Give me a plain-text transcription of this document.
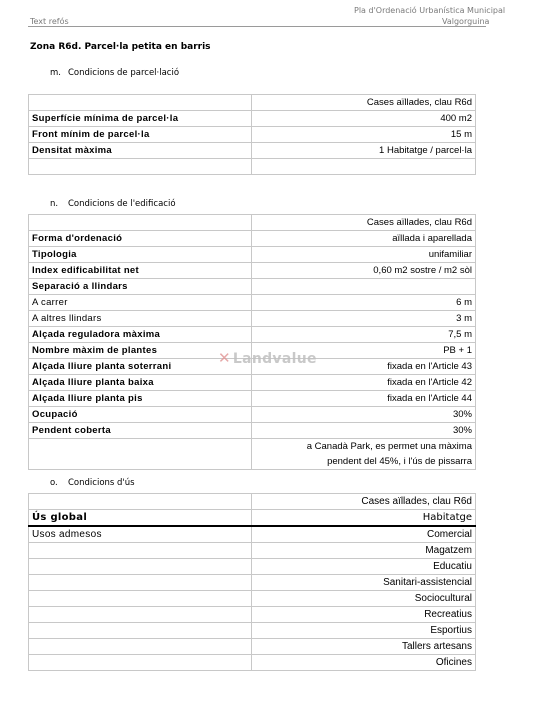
Pla d'Ordenació Urbanística Municipal
Text refós	Valgorguina
Zona R6d. Parcel·la petita en barris
m. Condicions de parcel·lació
	Cases aïllades, clau R6d
Superfície mínima de parcel·la	400 m2
Front mínim de parcel·la	15 m
Densitat màxima	1 Habitatge / parcel·la

n. Condicions de l'edificació
	Cases aïllades, clau R6d
Forma d'ordenació	aïllada i aparellada
Tipologia	unifamiliar
Index edificabilitat net	0,60 m2 sostre / m2 sòl
Separació a llindars	
A carrer	6 m
A altres llindars	3 m
Alçada reguladora màxima	7,5 m
Nombre màxim de plantes	PB + 1
Alçada lliure planta soterrani	fixada en l'Article 43
Alçada lliure planta baixa	fixada en l'Article 42
Alçada lliure planta pis	fixada en l'Article 44
Ocupació	30%
Pendent coberta	30%
	a Canadà Park, es permet una màxima
pendent del 45%, i l'ús de pissarra
o. Condicions d'ús
	Cases aïllades, clau R6d
Ús global	Habitatge
Usos admesos	Comercial
	Magatzem
	Educatiu
	Sanitari-assistencial
	Sociocultural
	Recreatius
	Esportius
	Tallers artesans
	Oficines
✕ Landvalue
